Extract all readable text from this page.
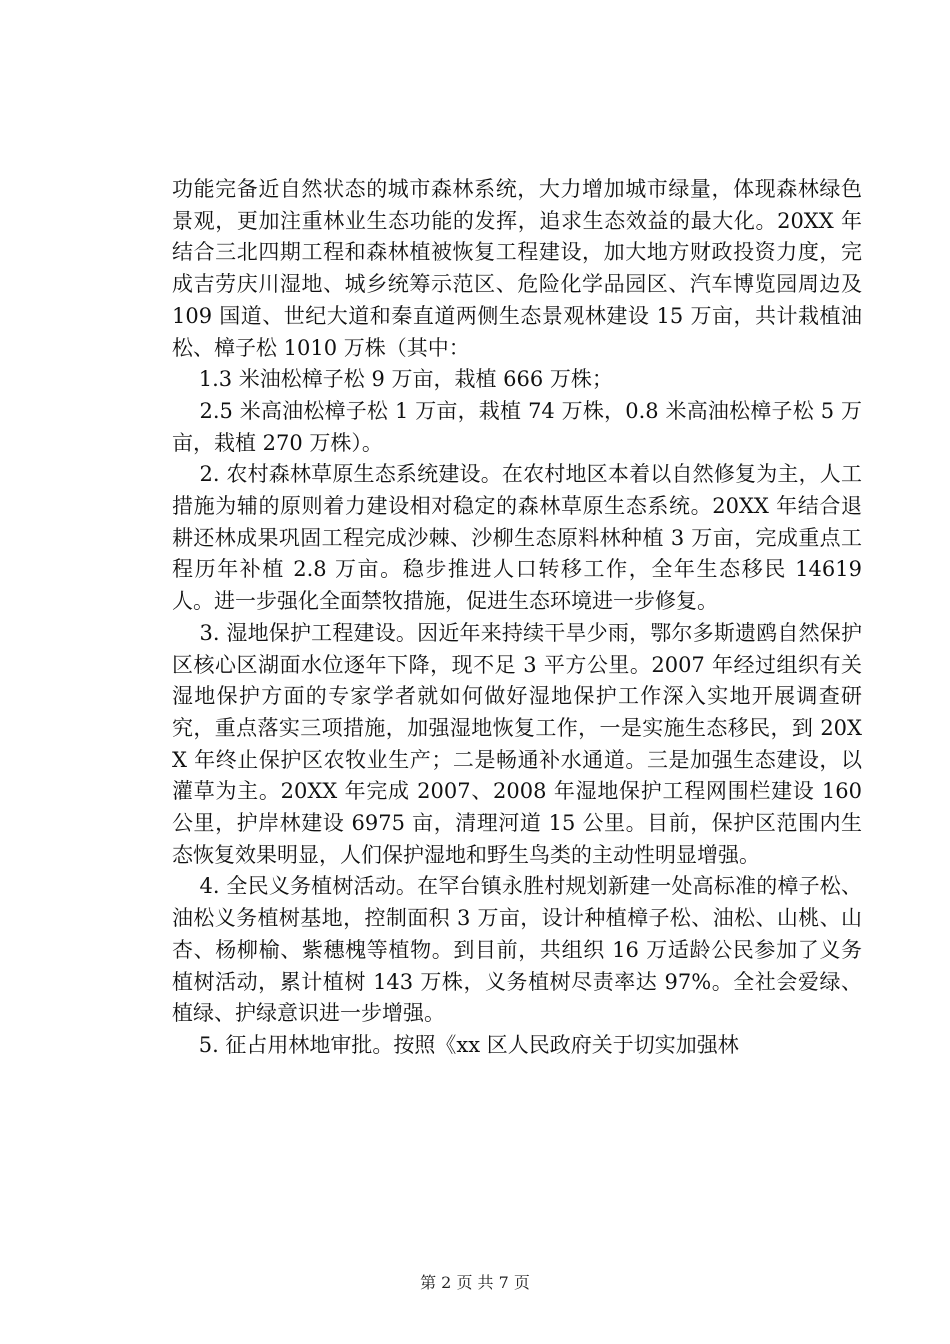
功能完备近自然状态的城市森林系统，大力增加城市绿量，体现森林绿色景观，更加注重林业生态功能的发挥，追求生态效益的最大化。20XX 年结合三北四期工程和森林植被恢复工程建设，加大地方财政投资力度，完成吉劳庆川湿地、城乡统筹示范区、危险化学品园区、汽车博览园周边及 109 国道、世纪大道和秦直道两侧生态景观林建设 15 万亩，共计栽植油松、樟子松 1010 万株（其中：

1.3 米油松樟子松 9 万亩，栽植 666 万株；

2.5 米高油松樟子松 1 万亩，栽植 74 万株，0.8 米高油松樟子松 5 万亩，栽植 270 万株）。

2. 农村森林草原生态系统建设。在农村地区本着以自然修复为主，人工措施为辅的原则着力建设相对稳定的森林草原生态系统。20XX 年结合退耕还林成果巩固工程完成沙棘、沙柳生态原料林种植 3 万亩，完成重点工程历年补植 2.8 万亩。稳步推进人口转移工作，全年生态移民 14619 人。进一步强化全面禁牧措施，促进生态环境进一步修复。

3. 湿地保护工程建设。因近年来持续干旱少雨，鄂尔多斯遗鸥自然保护区核心区湖面水位逐年下降，现不足 3 平方公里。2007 年经过组织有关湿地保护方面的专家学者就如何做好湿地保护工作深入实地开展调查研究，重点落实三项措施，加强湿地恢复工作，一是实施生态移民，到 20XX 年终止保护区农牧业生产；二是畅通补水通道。三是加强生态建设，以灌草为主。20XX 年完成 2007、2008 年湿地保护工程网围栏建设 160 公里，护岸林建设 6975 亩，清理河道 15 公里。目前，保护区范围内生态恢复效果明显，人们保护湿地和野生鸟类的主动性明显增强。

4. 全民义务植树活动。在罕台镇永胜村规划新建一处高标准的樟子松、油松义务植树基地，控制面积 3 万亩，设计种植樟子松、油松、山桃、山杏、杨柳榆、紫穗槐等植物。到目前，共组织 16 万适龄公民参加了义务植树活动，累计植树 143 万株，义务植树尽责率达 97%。全社会爱绿、植绿、护绿意识进一步增强。

5. 征占用林地审批。按照《xx 区人民政府关于切实加强林

第 2 页 共 7 页
